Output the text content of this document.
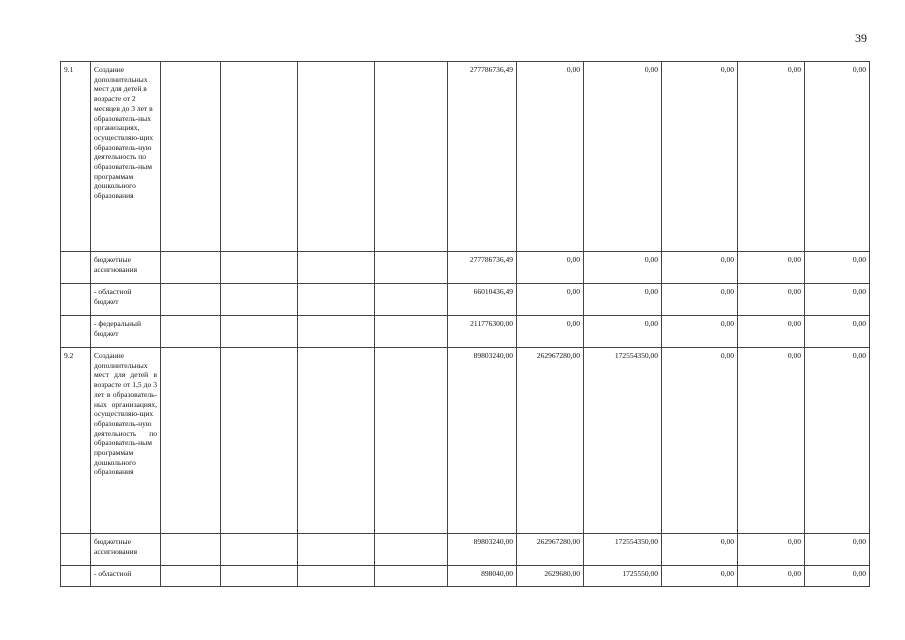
39
9.1	Создание дополнительных мест для детей в возрасте от 2 месяцев до 3 лет в образователь-ных организациях, осуществляю-щих образователь-ную деятельность по образователь-ным программам дошкольного образования					277786736,49	0,00	0,00	0,00	0,00	0,00
	бюджетные ассигнования					277786736,49	0,00	0,00	0,00	0,00	0,00
	- областной бюджет					66010436,49	0,00	0,00	0,00	0,00	0,00
	- федеральный бюджет					211776300,00	0,00	0,00	0,00	0,00	0,00
9.2	Создание дополнительных мест для детей в возрасте от 1,5 до 3 лет в образователь-ных организациях, осуществляю-щих образователь-ную деятельность по образователь-ным программам дошкольного образования					89803240,00	262967280,00	172554350,00	0,00	0,00	0,00
	бюджетные ассигнования					89803240,00	262967280,00	172554350,00	0,00	0,00	0,00
	- областной					898040,00	2629680,00	1725550,00	0,00	0,00	0,00
